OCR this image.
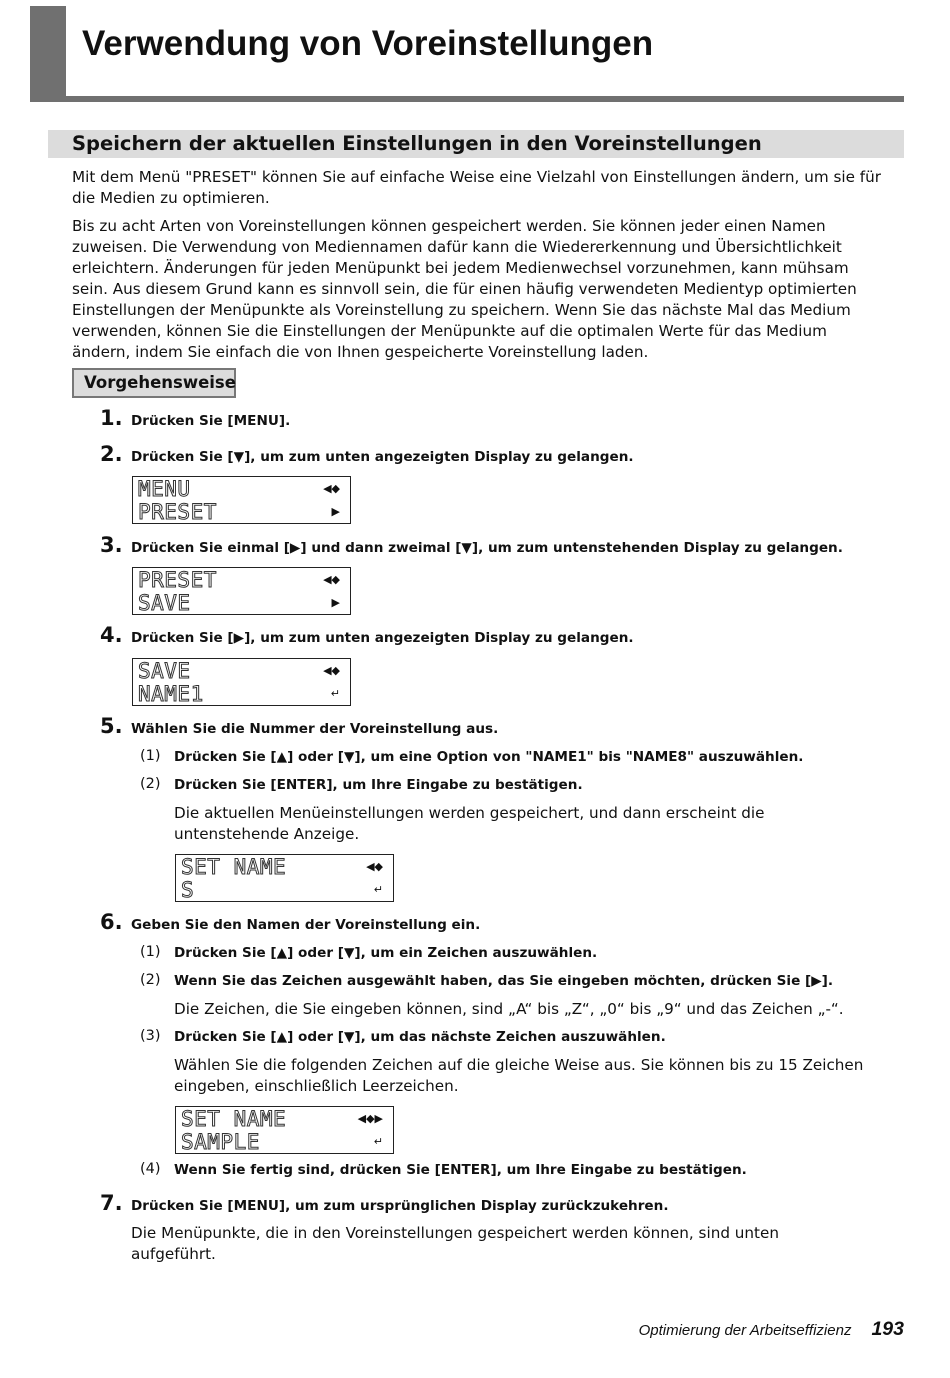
Verwendung von Voreinstellungen
Speichern der aktuellen Einstellungen in den Voreinstellungen

Mit dem Menü "PRESET" können Sie auf einfache Weise eine Vielzahl von Einstellungen ändern, um sie für die Medien zu optimieren.

Bis zu acht Arten von Voreinstellungen können gespeichert werden. Sie können jeder einen Namen zuweisen. Die Verwendung von Mediennamen dafür kann die Wiedererkennung und Übersichtlichkeit erleichtern. Änderungen für jeden Menüpunkt bei jedem Medienwechsel vorzunehmen, kann mühsam sein. Aus diesem Grund kann es sinnvoll sein, die für einen häufig verwendeten Medientyp optimierten Einstellungen der Menüpunkte als Voreinstellung zu speichern. Wenn Sie das nächste Mal das Medium verwenden, können Sie die Einstellungen der Menüpunkte auf die optimalen Werte für das Medium ändern, indem Sie einfach die von Ihnen gespeicherte Voreinstellung laden.

Vorgehensweise
1. Drücken Sie [MENU].
2. Drücken Sie [▼], um zum unten angezeigten Display zu gelangen.
MENU
PRESET
◀◆
▶
3. Drücken Sie einmal [▶] und dann zweimal [▼], um zum untenstehenden Display zu gelangen.
PRESET
SAVE
◀◆
▶
4. Drücken Sie [▶], um zum unten angezeigten Display zu gelangen.
SAVE
NAME1
◀◆
↵
5. Wählen Sie die Nummer der Voreinstellung aus.
(1) Drücken Sie [▲] oder [▼], um eine Option von "NAME1" bis "NAME8" auszuwählen.
(2) Drücken Sie [ENTER], um Ihre Eingabe zu bestätigen.

Die aktuellen Menüeinstellungen werden gespeichert, und dann erscheint die untenstehende Anzeige.

SET NAME
S
◀◆
↵
6. Geben Sie den Namen der Voreinstellung ein.
(1) Drücken Sie [▲] oder [▼], um ein Zeichen auszuwählen.
(2) Wenn Sie das Zeichen ausgewählt haben, das Sie eingeben möchten, drücken Sie [▶].

Die Zeichen, die Sie eingeben können, sind „A“ bis „Z“, „0“ bis „9“ und das Zeichen „-“.

(3) Drücken Sie [▲] oder [▼], um das nächste Zeichen auszuwählen.

Wählen Sie die folgenden Zeichen auf die gleiche Weise aus. Sie können bis zu 15 Zeichen eingeben, einschließlich Leerzeichen.

SET NAME
SAMPLE
◀◆▶
↵
(4) Wenn Sie fertig sind, drücken Sie [ENTER], um Ihre Eingabe zu bestätigen.
7. Drücken Sie [MENU], um zum ursprünglichen Display zurückzukehren.

Die Menüpunkte, die in den Voreinstellungen gespeichert werden können, sind unten aufgeführt.

Optimierung der Arbeitseffizienz 193
